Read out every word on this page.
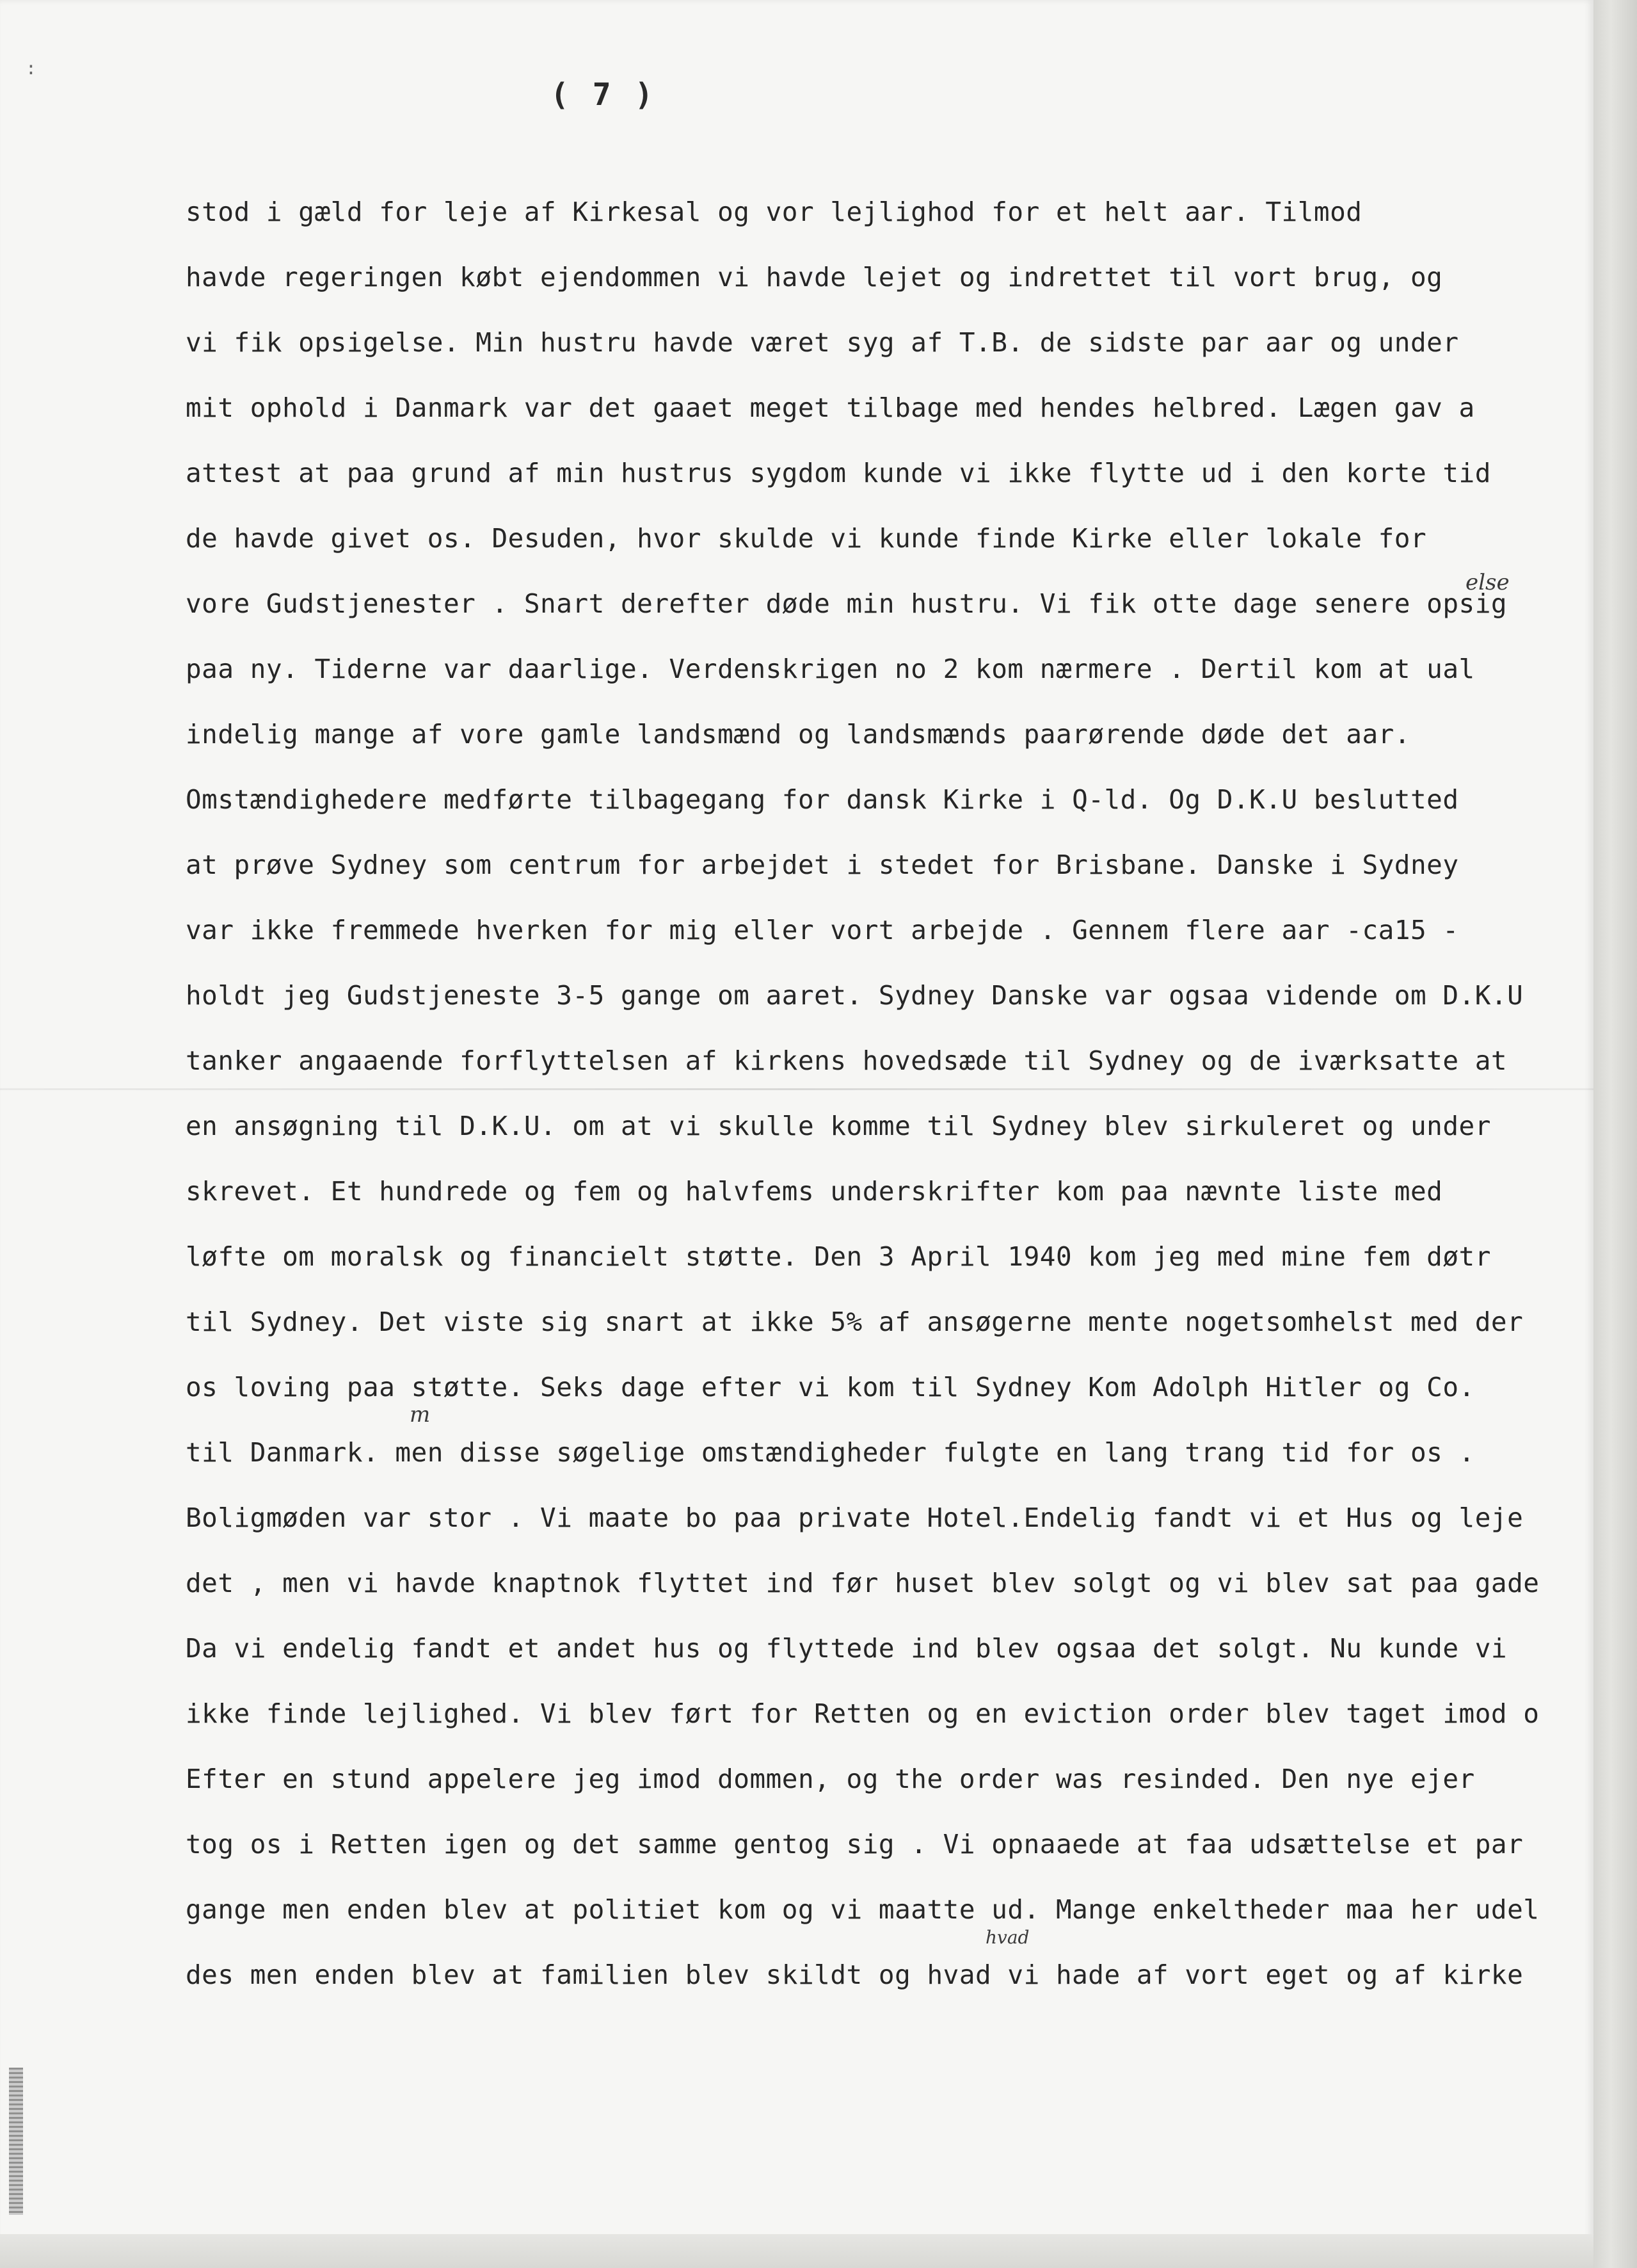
:
( 7 )
stod i gæld for leje af Kirkesal og vor lejlighod for et helt aar. Tilmod
havde regeringen købt ejendommen vi havde lejet og indrettet til vort brug, og
vi fik opsigelse. Min hustru havde været syg af T.B. de sidste par aar og under
mit ophold i Danmark var det gaaet meget tilbage med hendes helbred. Lægen gav a
attest at paa grund af min hustrus sygdom kunde vi ikke flytte ud i den korte tid
de havde givet os. Desuden, hvor skulde vi kunde finde Kirke eller lokale for
vore Gudstjenester . Snart derefter døde min hustru. Vi fik otte dage senere opsig
paa ny. Tiderne var daarlige. Verdenskrigen no 2 kom nærmere . Dertil kom at ual
indelig mange af vore gamle landsmænd og landsmænds paarørende døde det aar.
Omstændighedere medførte tilbagegang for dansk Kirke i Q-ld. Og D.K.U beslutted
at prøve Sydney som centrum for arbejdet i stedet for Brisbane. Danske i Sydney
var ikke fremmede hverken for mig eller vort arbejde . Gennem flere aar -ca15 -
holdt jeg Gudstjeneste 3-5 gange om aaret. Sydney Danske var ogsaa vidende om D.K.U
tanker angaaende forflyttelsen af kirkens hovedsæde til Sydney og de iværksatte at
en ansøgning til D.K.U. om at vi skulle komme til Sydney blev sirkuleret og under
skrevet. Et hundrede og fem og halvfems underskrifter kom paa nævnte liste med
løfte om moralsk og financielt støtte. Den 3 April 1940 kom jeg med mine fem døtr
til Sydney. Det viste sig snart at ikke 5% af ansøgerne mente nogetsomhelst med der
os loving paa støtte. Seks dage efter vi kom til Sydney Kom Adolph Hitler og Co.
til Danmark. men disse søgelige omstændigheder fulgte en lang trang tid for os .
Boligmøden var stor . Vi maate bo paa private Hotel.Endelig fandt vi et Hus og leje
det , men vi havde knaptnok flyttet ind før huset blev solgt og vi blev sat paa gade
Da vi endelig fandt et andet hus og flyttede ind blev ogsaa det solgt. Nu kunde vi
ikke finde lejlighed. Vi blev ført for Retten og en eviction order blev taget imod o
Efter en stund appelere jeg imod dommen, og the order was resinded. Den nye ejer
tog os i Retten igen og det samme gentog sig . Vi opnaaede at faa udsættelse et par
gange men enden blev at politiet kom og vi maatte ud. Mange enkeltheder maa her udel
des men enden blev at familien blev skildt og hvad vi hade af vort eget og af kirke
else
m
hvad
